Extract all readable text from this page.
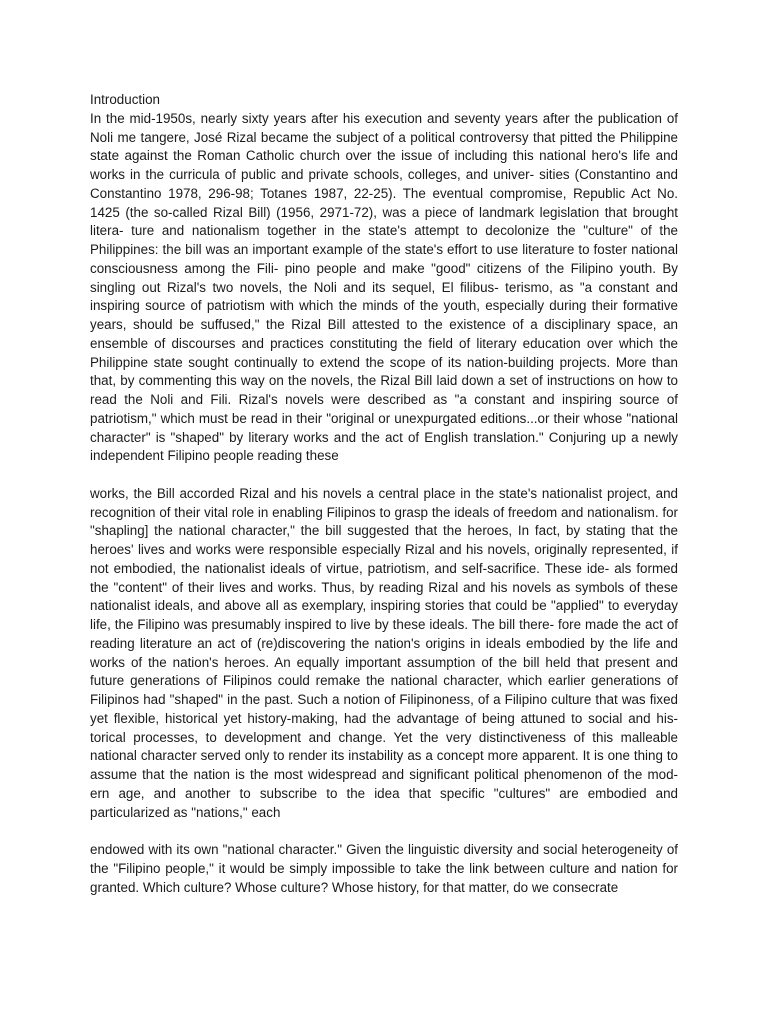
Introduction

In the mid-1950s, nearly sixty years after his execution and seventy years after the publication of Noli me tangere, José Rizal became the subject of a political controversy that pitted the Philippine state against the Roman Catholic church over the issue of including this national hero's life and works in the curricula of public and private schools, colleges, and univer- sities (Constantino and Constantino 1978, 296-98; Totanes 1987, 22-25). The eventual compromise, Republic Act No. 1425 (the so-called Rizal Bill) (1956, 2971-72), was a piece of landmark legislation that brought litera- ture and nationalism together in the state's attempt to decolonize the "culture" of the Philippines: the bill was an important example of the state's effort to use literature to foster national consciousness among the Fili- pino people and make "good" citizens of the Filipino youth. By singling out Rizal's two novels, the Noli and its sequel, El filibus- terismo, as "a constant and inspiring source of patriotism with which the minds of the youth, especially during their formative years, should be suffused," the Rizal Bill attested to the existence of a disciplinary space, an ensemble of discourses and practices constituting the field of literary education over which the Philippine state sought continually to extend the scope of its nation-building projects. More than that, by commenting this way on the novels, the Rizal Bill laid down a set of instructions on how to read the Noli and Fili. Rizal's novels were described as "a constant and inspiring source of patriotism," which must be read in their "original or unexpurgated editions...or their whose "national character" is "shaped" by literary works and the act of English translation." Conjuring up a newly independent Filipino people reading these

works, the Bill accorded Rizal and his novels a central place in the state's nationalist project, and recognition of their vital role in enabling Filipinos to grasp the ideals of freedom and nationalism. for "shapling] the national character," the bill suggested that the heroes, In fact, by stating that the heroes' lives and works were responsible especially Rizal and his novels, originally represented, if not embodied, the nationalist ideals of virtue, patriotism, and self-sacrifice. These ide- als formed the "content" of their lives and works. Thus, by reading Rizal and his novels as symbols of these nationalist ideals, and above all as exemplary, inspiring stories that could be "applied" to everyday life, the Filipino was presumably inspired to live by these ideals. The bill there- fore made the act of reading literature an act of (re)discovering the nation's origins in ideals embodied by the life and works of the nation's heroes. An equally important assumption of the bill held that present and future generations of Filipinos could remake the national character, which earlier generations of Filipinos had "shaped" in the past. Such a notion of Filipinoness, of a Filipino culture that was fixed yet flexible, historical yet history-making, had the advantage of being attuned to social and his- torical processes, to development and change. Yet the very distinctiveness of this malleable national character served only to render its instability as a concept more apparent. It is one thing to assume that the nation is the most widespread and significant political phenomenon of the mod- ern age, and another to subscribe to the idea that specific "cultures" are embodied and particularized as "nations," each

endowed with its own "national character." Given the linguistic diversity and social heterogeneity of the "Filipino people," it would be simply impossible to take the link between culture and nation for granted. Which culture? Whose culture? Whose history, for that matter, do we consecrate
